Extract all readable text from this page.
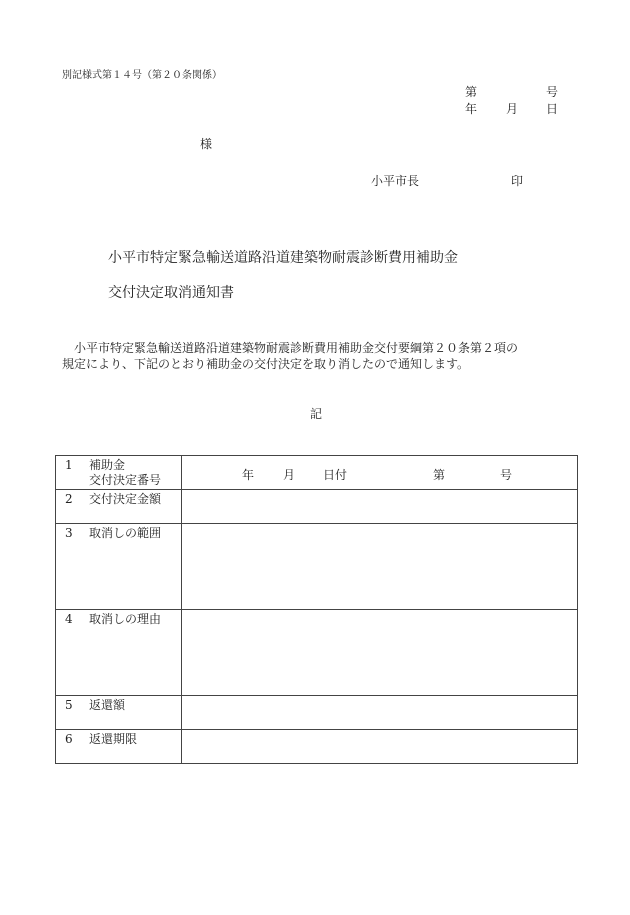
別記様式第１４号（第２０条関係）
第	号
年 月 日
様
小平市長	印
小平市特定緊急輸送道路沿道建築物耐震診断費用補助金
交付決定取消通知書
小平市特定緊急輸送道路沿道建築物耐震診断費用補助金交付要綱第２０条第２項の
規定により、下記のとおり補助金の交付決定を取り消したので通知します。
記
1 補助金
交付決定番号	年 月 日付 第 号

2 交付決定金額	

3 取消しの範囲	

4 取消しの理由	

5 返還額	

6 返還期限	
